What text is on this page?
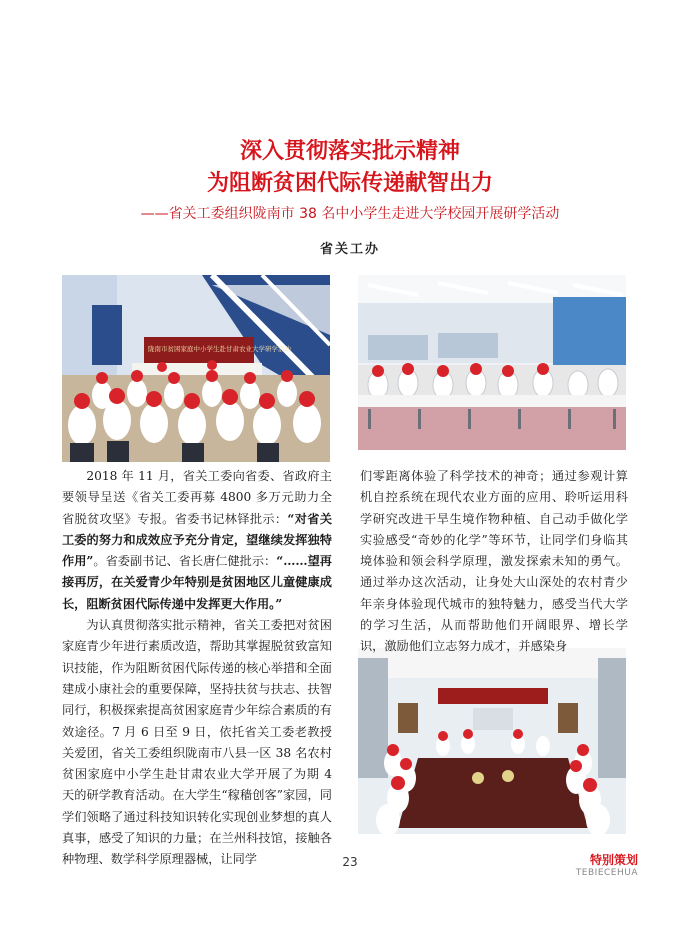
深入贯彻落实批示精神
为阻断贫困代际传递献智出力
——省关工委组织陇南市 38 名中小学生走进大学校园开展研学活动
省关工办
陇南市贫困家庭中小学生赴甘肃农业大学研学活动

2018 年 11 月，省关工委向省委、省政府主要领导呈送《省关工委再募 4800 多万元助力全省脱贫攻坚》专报。省委书记林铎批示：“对省关工委的努力和成效应予充分肯定，望继续发挥独特作用”。省委副书记、省长唐仁健批示：“……望再接再厉，在关爱青少年特别是贫困地区儿童健康成长，阻断贫困代际传递中发挥更大作用。”

为认真贯彻落实批示精神，省关工委把对贫困家庭青少年进行素质改造，帮助其掌握脱贫致富知识技能，作为阻断贫困代际传递的核心举措和全面建成小康社会的重要保障，坚持扶贫与扶志、扶智同行，积极探索提高贫困家庭青少年综合素质的有效途径。7 月 6 日至 9 日，依托省关工委老教授关爱团，省关工委组织陇南市八县一区 38 名农村贫困家庭中小学生赴甘肃农业大学开展了为期 4 天的研学教育活动。在大学生“稼穑创客”家园，同学们领略了通过科技知识转化实现创业梦想的真人真事，感受了知识的力量；在兰州科技馆，接触各种物理、数学科学原理器械，让同学

们零距离体验了科学技术的神奇；通过参观计算机自控系统在现代农业方面的应用、聆听运用科学研究改进干旱生境作物种植、自己动手做化学实验感受“奇妙的化学”等环节，让同学们身临其境体验和领会科学原理，激发探索未知的勇气。通过举办这次活动，让身处大山深处的农村青少年亲身体验现代城市的独特魅力，感受当代大学的学习生活，从而帮助他们开阔眼界、增长学识，激励他们立志努力成才，并感染身

23	特别策划
TEBIECEHUA
